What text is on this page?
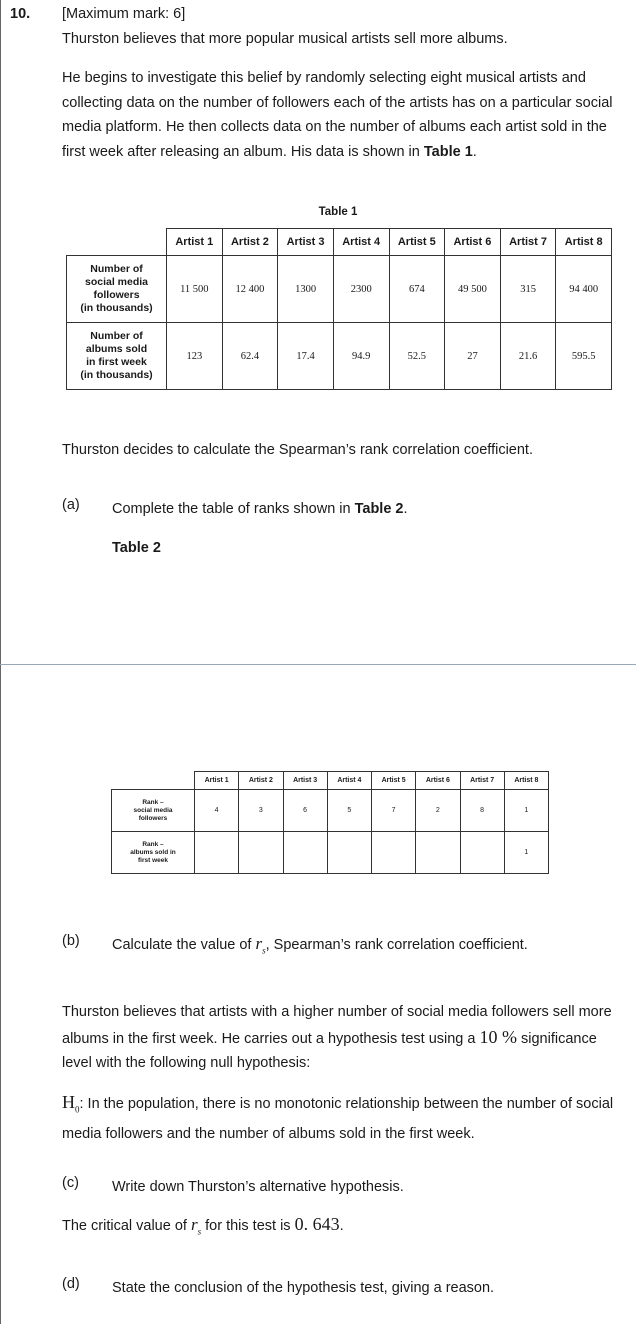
10. [Maximum mark: 6]
Thurston believes that more popular musical artists sell more albums.
He begins to investigate this belief by randomly selecting eight musical artists and collecting data on the number of followers each of the artists has on a particular social media platform. He then collects data on the number of albums each artist sold in the first week after releasing an album. His data is shown in Table 1.
Table 1
	Artist 1	Artist 2	Artist 3	Artist 4	Artist 5	Artist 6	Artist 7	Artist 8

Number of
social media
followers
(in thousands)	11 500	12 400	1300	2300	674	49 500	315	94 400

Number of
albums sold
in first week
(in thousands)	123	62.4	17.4	94.9	52.5	27	21.6	595.5
Thurston decides to calculate the Spearman’s rank correlation coefficient.
(a) Complete the table of ranks shown in Table 2.
Table 2
	Artist 1	Artist 2	Artist 3	Artist 4	Artist 5	Artist 6	Artist 7	Artist 8

Rank –
social media
followers	4	3	6	5	7	2	8	1

Rank –
albums sold in
first week								1
(b) Calculate the value of $r_s$, Spearman’s rank correlation coefficient.
Thurston believes that artists with a higher number of social media followers sell more albums in the first week. He carries out a hypothesis test using a 10 % significance level with the following null hypothesis:
$H_0$: In the population, there is no monotonic relationship between the number of social media followers and the number of albums sold in the first week.
(c) Write down Thurston’s alternative hypothesis.
The critical value of $r_s$ for this test is 0. 643.
(d) State the conclusion of the hypothesis test, giving a reason.
